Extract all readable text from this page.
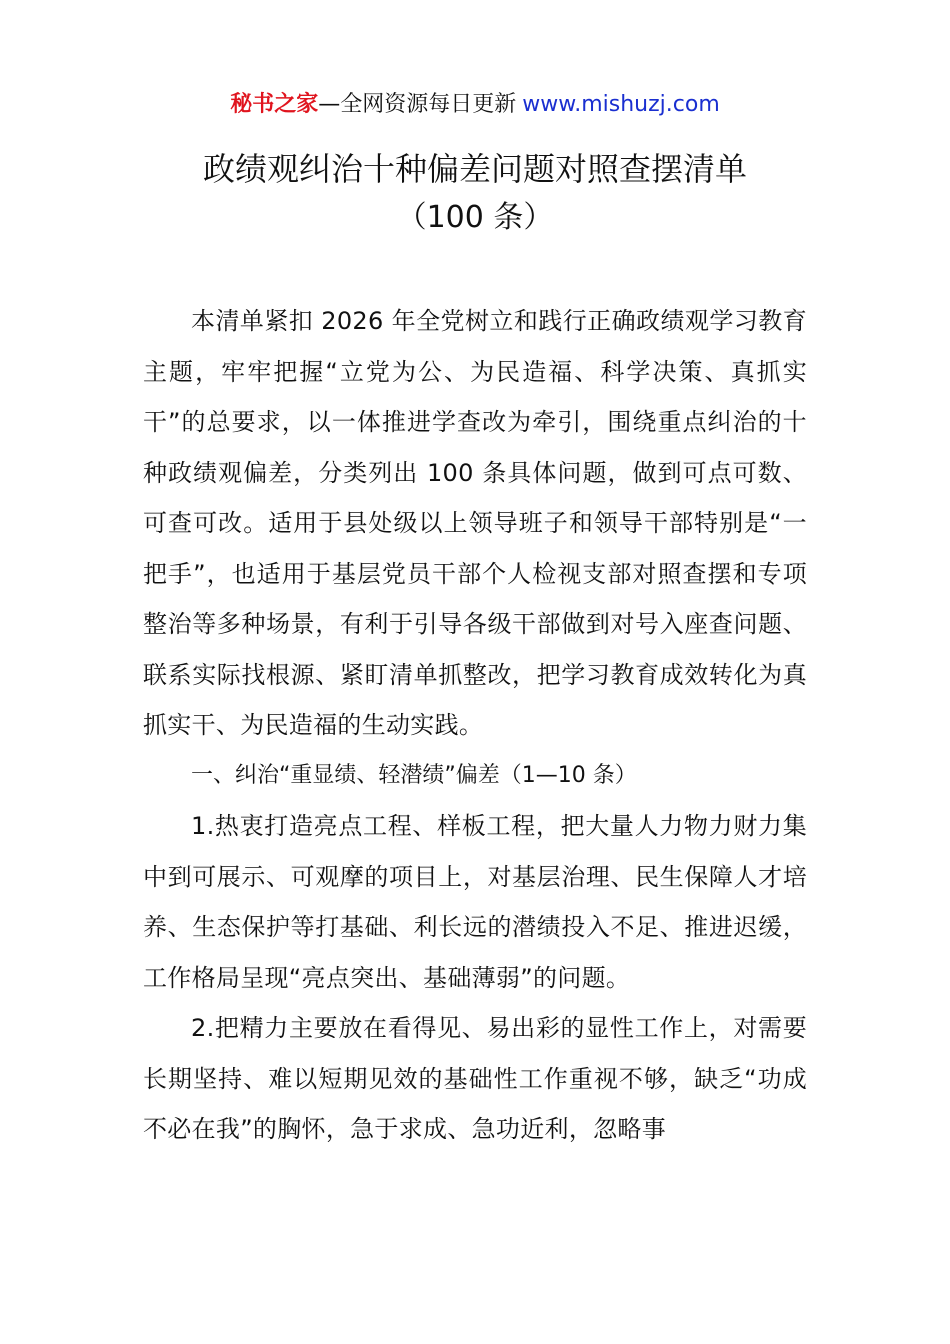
秘书之家—全网资源每日更新 www.mishuzj.com
政绩观纠治十种偏差问题对照查摆清单
（100 条）

本清单紧扣 2026 年全党树立和践行正确政绩观学习教育主题，牢牢把握“立党为公、为民造福、科学决策、真抓实干”的总要求，以一体推进学查改为牵引，围绕重点纠治的十种政绩观偏差，分类列出 100 条具体问题，做到可点可数、可查可改。适用于县处级以上领导班子和领导干部特别是“一把手”，也适用于基层党员干部个人检视支部对照查摆和专项整治等多种场景，有利于引导各级干部做到对号入座查问题、联系实际找根源、紧盯清单抓整改，把学习教育成效转化为真抓实干、为民造福的生动实践。

一、纠治“重显绩、轻潜绩”偏差（1—10 条）

1.热衷打造亮点工程、样板工程，把大量人力物力财力集中到可展示、可观摩的项目上，对基层治理、民生保障人才培养、生态保护等打基础、利长远的潜绩投入不足、推进迟缓，工作格局呈现“亮点突出、基础薄弱”的问题。

2.把精力主要放在看得见、易出彩的显性工作上，对需要长期坚持、难以短期见效的基础性工作重视不够，缺乏“功成不必在我”的胸怀，急于求成、急功近利，忽略事
